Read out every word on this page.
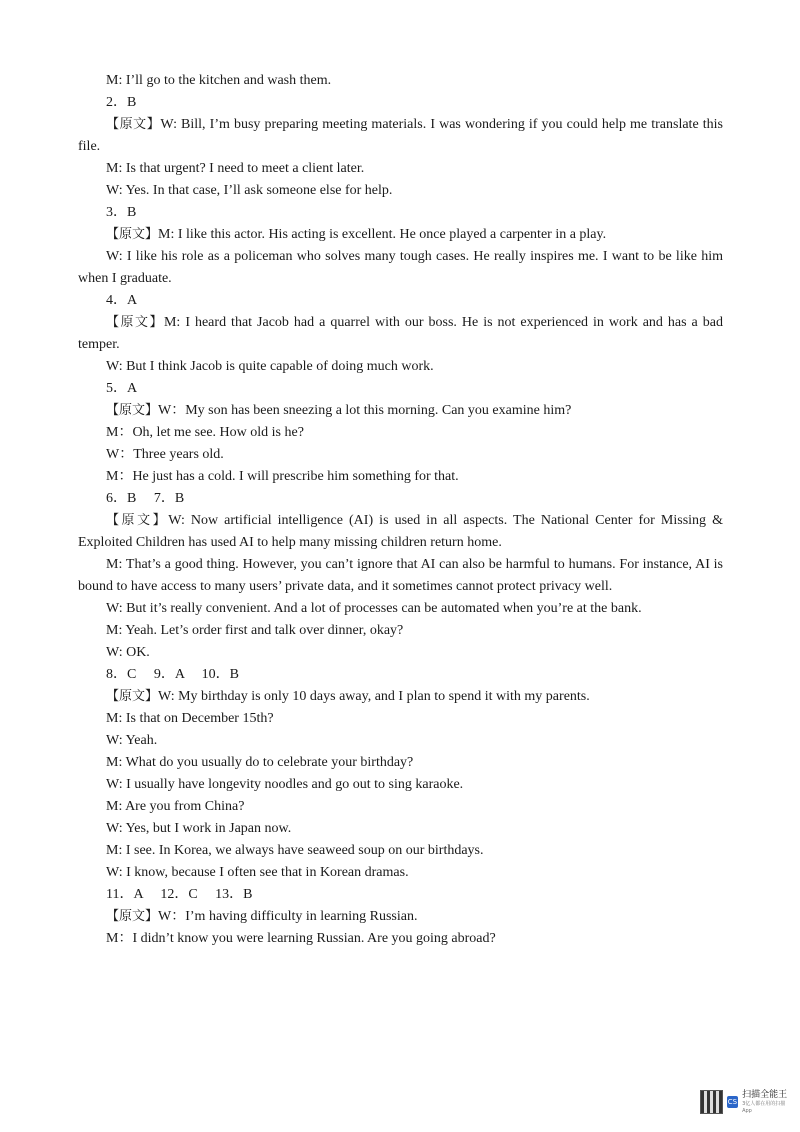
M: I’ll go to the kitchen and wash them.

2．B

【原文】W: Bill, I’m busy preparing meeting materials. I was wondering if you could help me translate this file.

M: Is that urgent? I need to meet a client later.

W: Yes. In that case, I’ll ask someone else for help.

3．B

【原文】M: I like this actor. His acting is excellent. He once played a carpenter in a play.

W: I like his role as a policeman who solves many tough cases. He really inspires me. I want to be like him when I graduate.

4．A

【原文】M: I heard that Jacob had a quarrel with our boss. He is not experienced in work and has a bad temper.

W: But I think Jacob is quite capable of doing much work.

5．A

【原文】W：My son has been sneezing a lot this morning. Can you examine him?

M：Oh, let me see. How old is he?

W：Three years old.

M：He just has a cold. I will prescribe him something for that.

6．B　 7．B

【原文】W: Now artificial intelligence (AI) is used in all aspects. The National Center for Missing & Exploited Children has used AI to help many missing children return home.

M: That’s a good thing. However, you can’t ignore that AI can also be harmful to humans. For instance, AI is bound to have access to many users’ private data, and it sometimes cannot protect privacy well.

W: But it’s really convenient. And a lot of processes can be automated when you’re at the bank.

M: Yeah. Let’s order first and talk over dinner, okay?

W: OK.

8．C　 9．A　 10．B

【原文】W: My birthday is only 10 days away, and I plan to spend it with my parents.

M: Is that on December 15th?

W: Yeah.

M: What do you usually do to celebrate your birthday?

W: I usually have longevity noodles and go out to sing karaoke.

M: Are you from China?

W: Yes, but I work in Japan now.

M: I see. In Korea, we always have seaweed soup on our birthdays.

W: I know, because I often see that in Korean dramas.

11．A　 12．C　 13．B

【原文】W：I’m having difficulty in learning Russian.

M：I didn’t know you were learning Russian. Are you going abroad?

CS
扫描全能王
3亿人都在用的扫描App
